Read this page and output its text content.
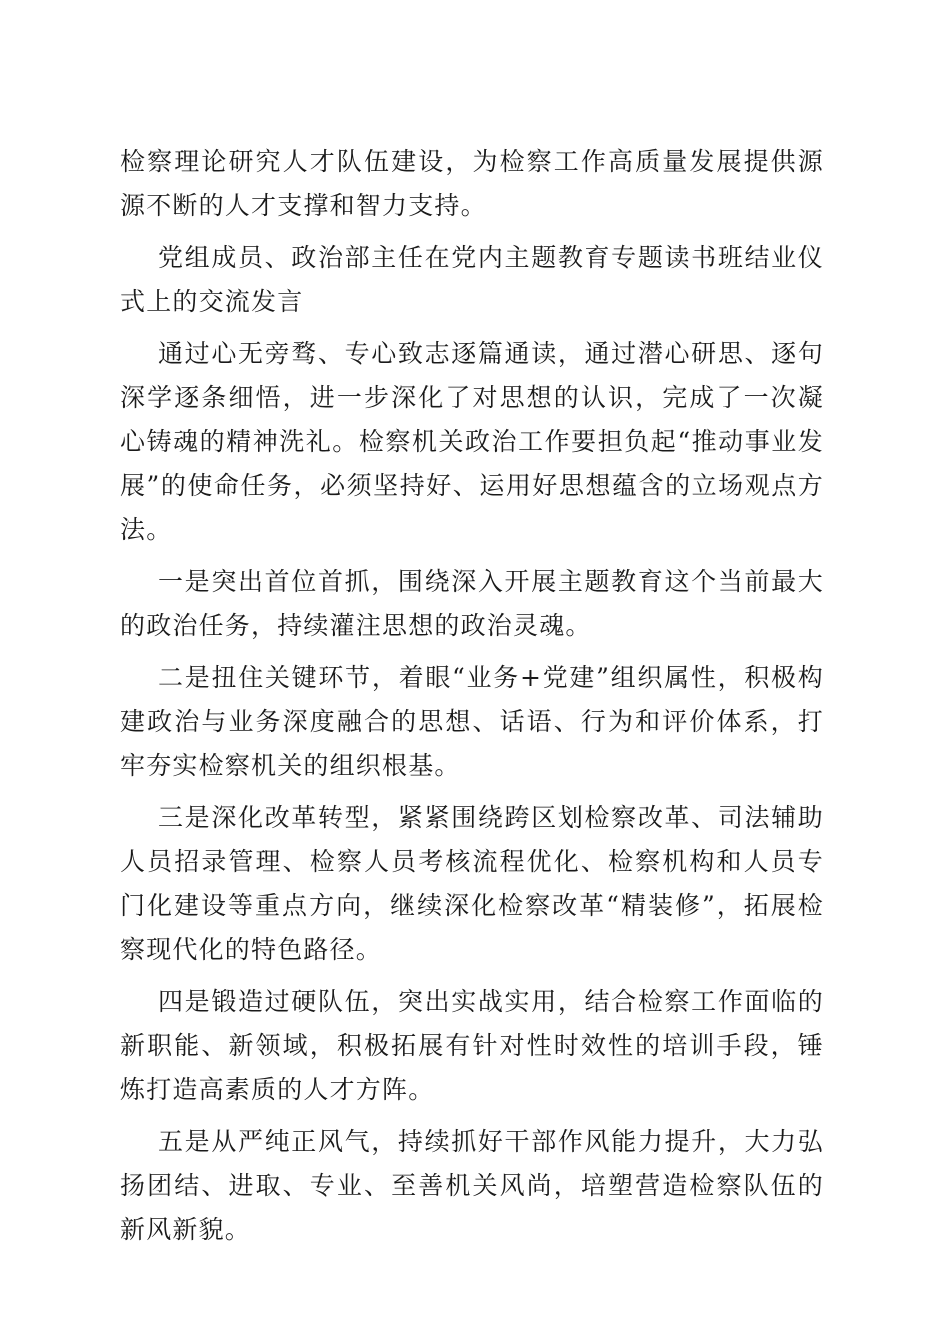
检察理论研究人才队伍建设，为检察工作高质量发展提供源源不断的人才支撑和智力支持。

党组成员、政治部主任在党内主题教育专题读书班结业仪式上的交流发言

通过心无旁骛、专心致志逐篇通读，通过潜心研思、逐句深学逐条细悟，进一步深化了对思想的认识，完成了一次凝心铸魂的精神洗礼。检察机关政治工作要担负起“推动事业发展”的使命任务，必须坚持好、运用好思想蕴含的立场观点方法。

一是突出首位首抓，围绕深入开展主题教育这个当前最大的政治任务，持续灌注思想的政治灵魂。

二是扭住关键环节，着眼“业务+党建”组织属性，积极构建政治与业务深度融合的思想、话语、行为和评价体系，打牢夯实检察机关的组织根基。

三是深化改革转型，紧紧围绕跨区划检察改革、司法辅助人员招录管理、检察人员考核流程优化、检察机构和人员专门化建设等重点方向，继续深化检察改革“精装修”，拓展检察现代化的特色路径。

四是锻造过硬队伍，突出实战实用，结合检察工作面临的新职能、新领域，积极拓展有针对性时效性的培训手段，锤炼打造高素质的人才方阵。

五是从严纯正风气，持续抓好干部作风能力提升，大力弘扬团结、进取、专业、至善机关风尚，培塑营造检察队伍的新风新貌。
